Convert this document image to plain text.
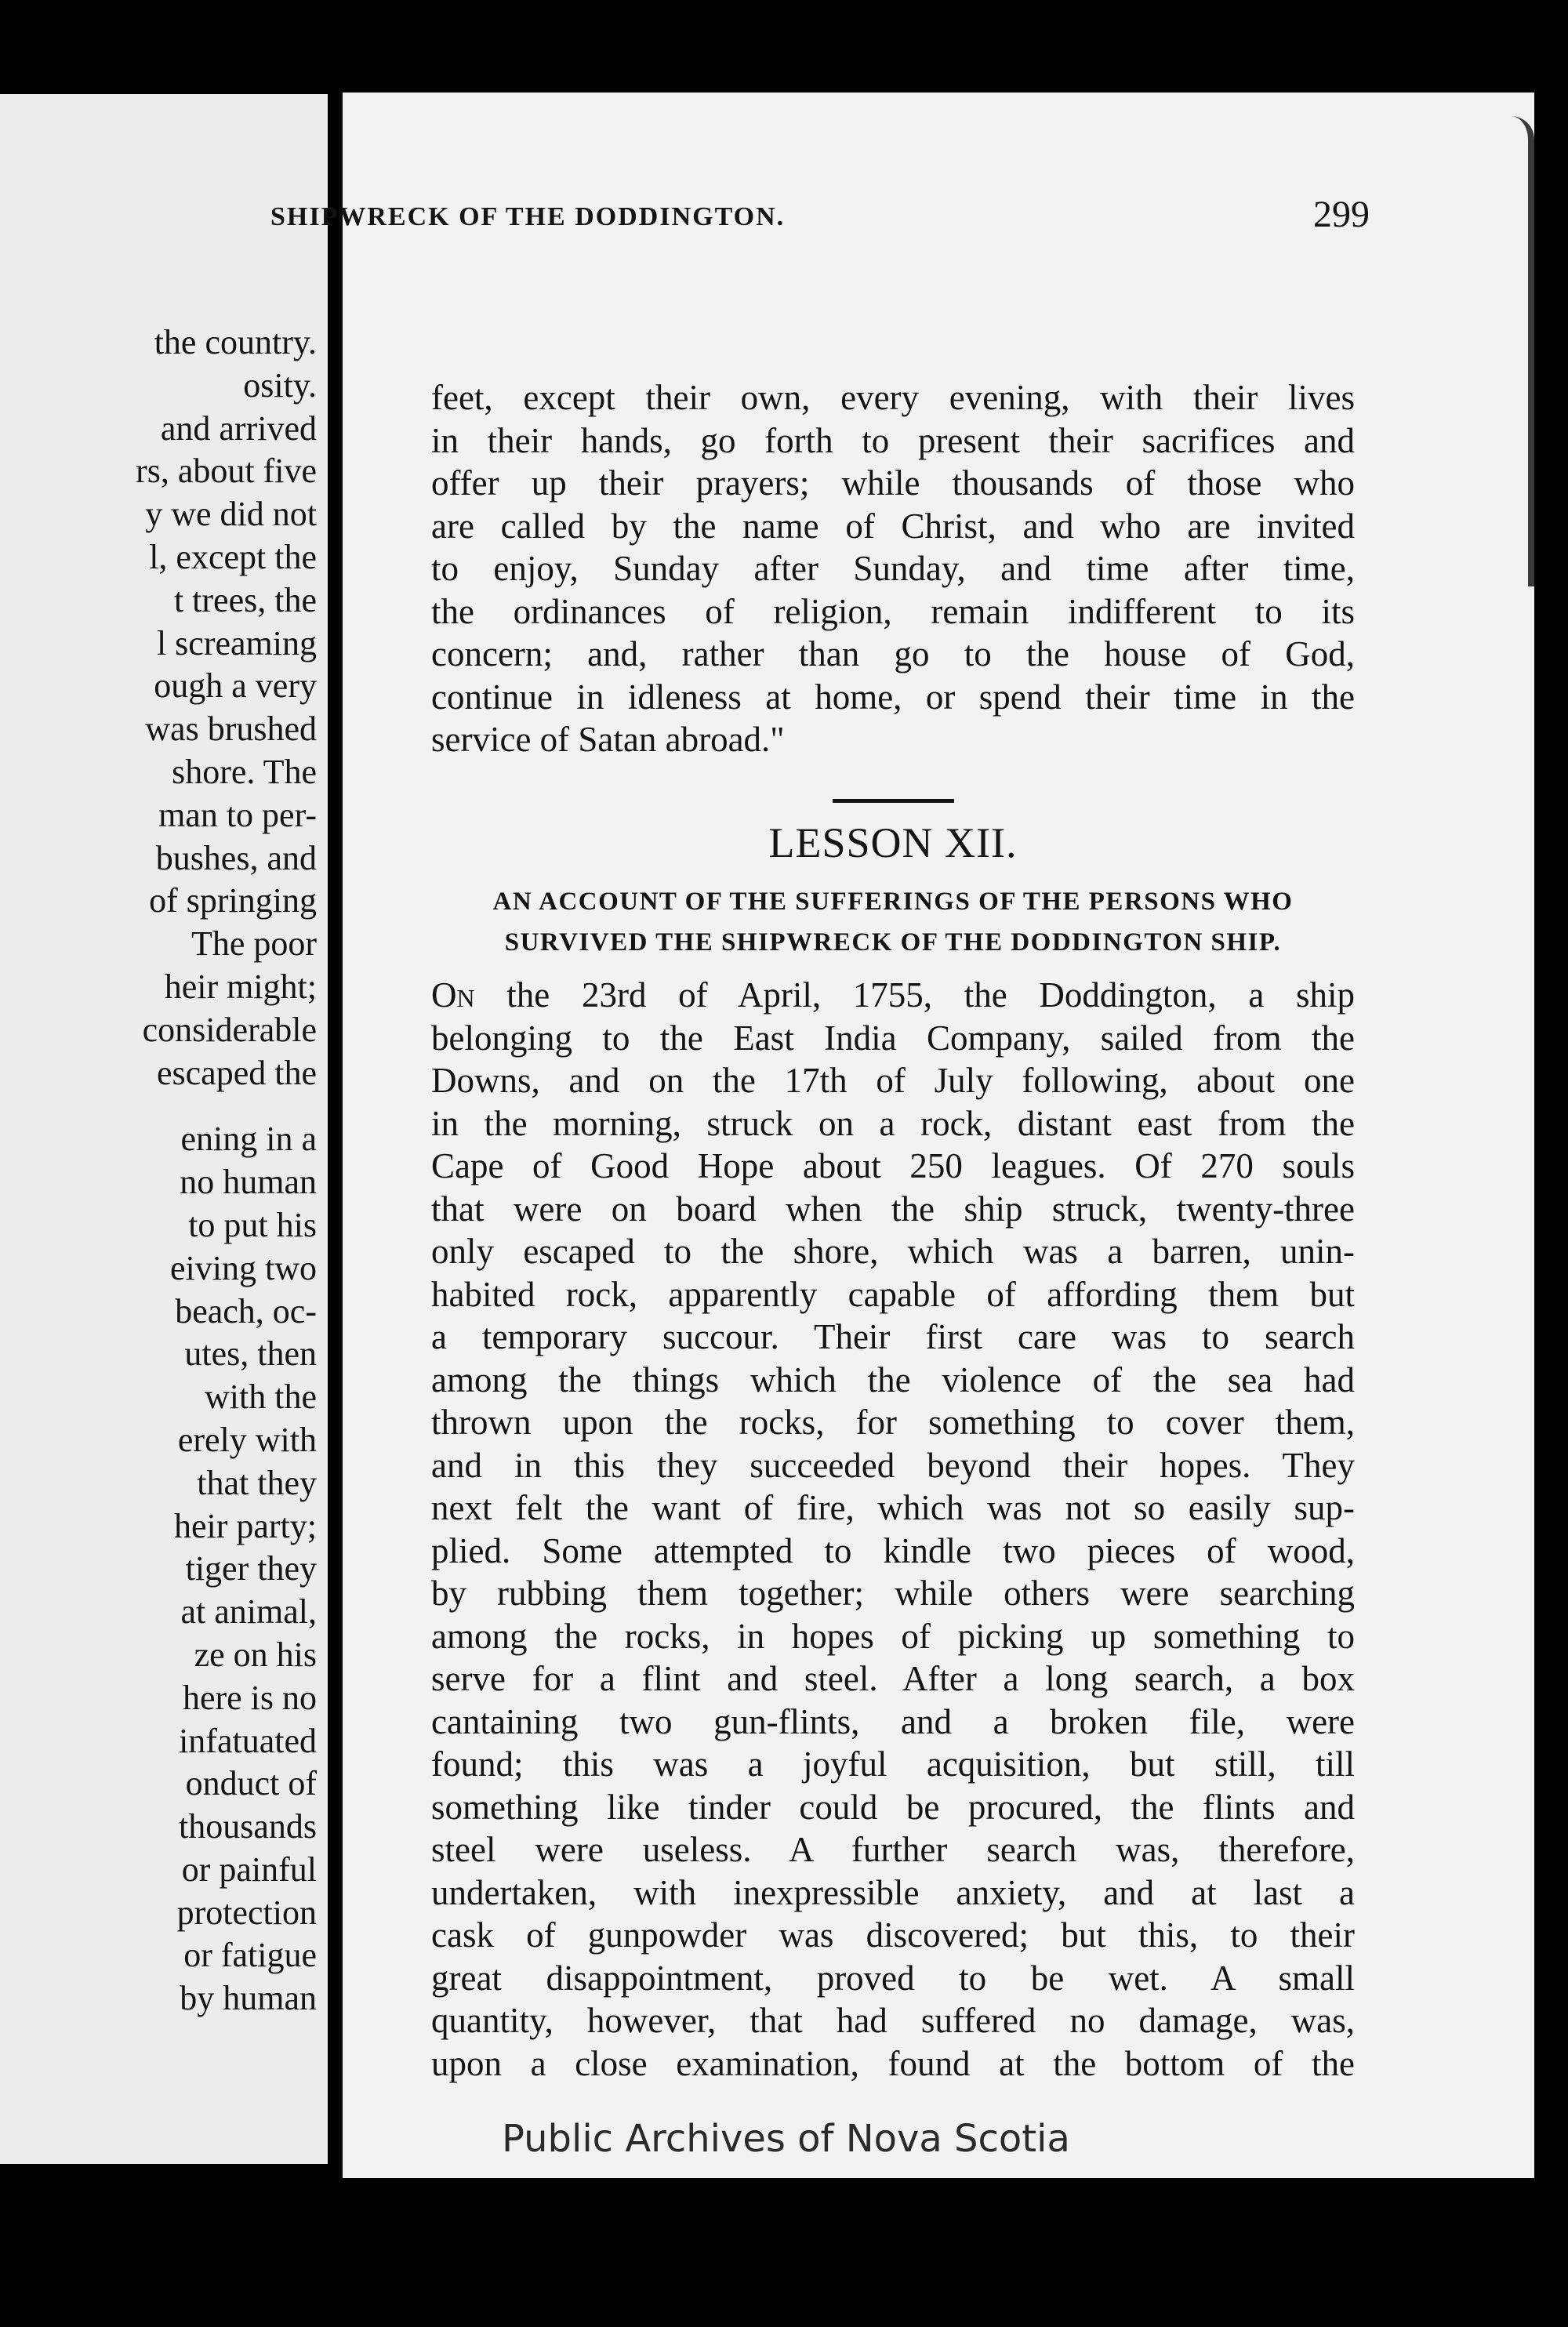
the country.
osity.
and arrived
rs, about five
y we did not
l, except the
t trees, the
l screaming
ough a very
was brushed
shore. The
man to per-
bushes, and
of springing
The poor
heir might;
considerable
escaped the
ening in a
no human
to put his
eiving two
beach, oc-
utes, then
with the
erely with
that they
heir party;
tiger they
at animal,
ze on his
here is no
infatuated
onduct of
thousands
or painful
protection
or fatigue
by human
SHIPWRECK OF THE DODDINGTON.	299
feet, except their own, every evening, with their lives
in their hands, go forth to present their sacrifices and
offer up their prayers; while thousands of those who
are called by the name of Christ, and who are invited
to enjoy, Sunday after Sunday, and time after time,
the ordinances of religion, remain indifferent to its
concern; and, rather than go to the house of God,
continue in idleness at home, or spend their time in the
service of Satan abroad."
LESSON XII.
AN ACCOUNT OF THE SUFFERINGS OF THE PERSONS WHO
SURVIVED THE SHIPWRECK OF THE DODDINGTON SHIP.
On the 23rd of April, 1755, the Doddington, a ship
belonging to the East India Company, sailed from the
Downs, and on the 17th of July following, about one
in the morning, struck on a rock, distant east from the
Cape of Good Hope about 250 leagues. Of 270 souls
that were on board when the ship struck, twenty-three
only escaped to the shore, which was a barren, unin-
habited rock, apparently capable of affording them but
a temporary succour. Their first care was to search
among the things which the violence of the sea had
thrown upon the rocks, for something to cover them,
and in this they succeeded beyond their hopes. They
next felt the want of fire, which was not so easily sup-
plied. Some attempted to kindle two pieces of wood,
by rubbing them together; while others were searching
among the rocks, in hopes of picking up something to
serve for a flint and steel. After a long search, a box
cantaining two gun-flints, and a broken file, were
found; this was a joyful acquisition, but still, till
something like tinder could be procured, the flints and
steel were useless. A further search was, therefore,
undertaken, with inexpressible anxiety, and at last a
cask of gunpowder was discovered; but this, to their
great disappointment, proved to be wet. A small
quantity, however, that had suffered no damage, was,
upon a close examination, found at the bottom of the
Public Archives of Nova Scotia
